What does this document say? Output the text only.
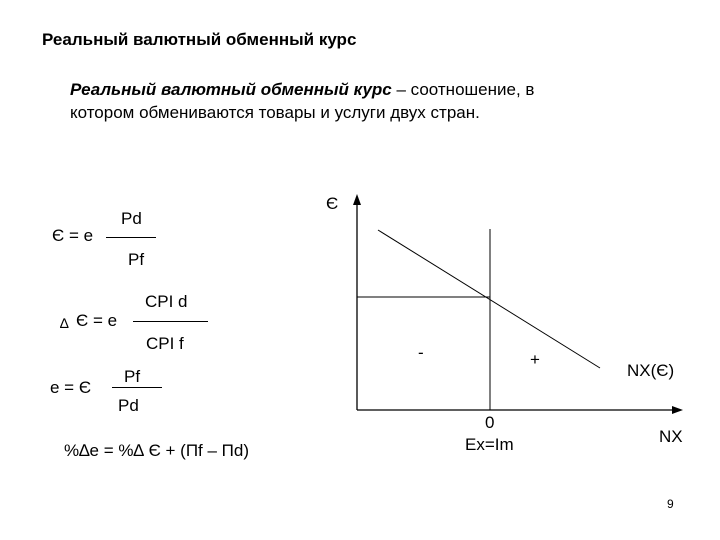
Реальный валютный обменный курс
Реальный валютный обменный курс – соотношение, в
котором обмениваются товары и услуги двух стран.
Є = e
Pd
Pf
∆ Є = e
CPI d
CPI f
e = Є
Pf
Pd
%∆e = %∆ Є + (Пf – Пd)
Є
-	+
NX(Є)
0
Ex=Im	NX
9
